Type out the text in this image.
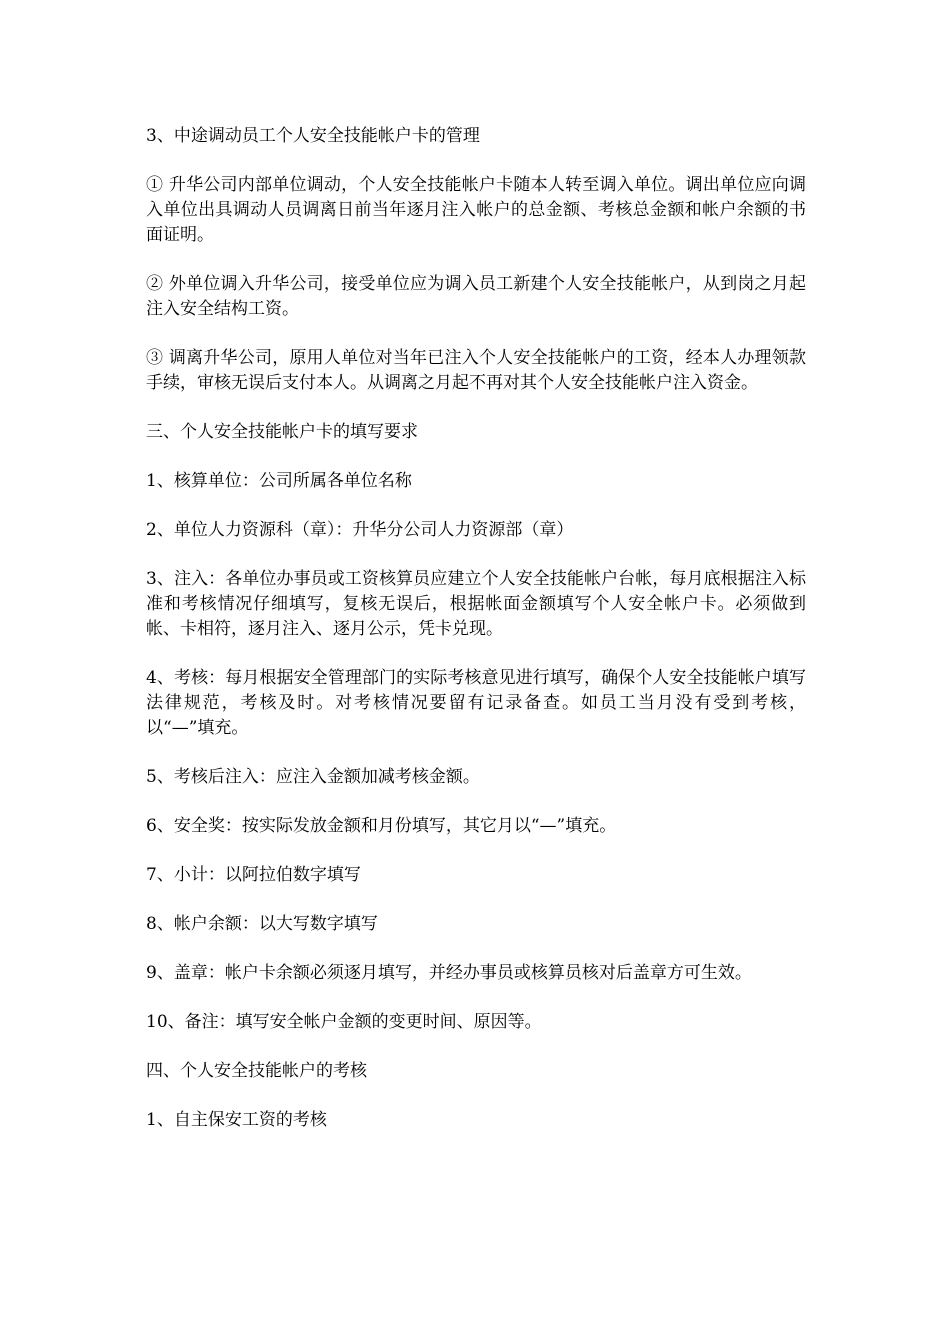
3、中途调动员工个人安全技能帐户卡的管理

① 升华公司内部单位调动，个人安全技能帐户卡随本人转至调入单位。调出单位应向调入单位出具调动人员调离日前当年逐月注入帐户的总金额、考核总金额和帐户余额的书面证明。

② 外单位调入升华公司，接受单位应为调入员工新建个人安全技能帐户，从到岗之月起注入安全结构工资。

③ 调离升华公司，原用人单位对当年已注入个人安全技能帐户的工资，经本人办理领款手续，审核无误后支付本人。从调离之月起不再对其个人安全技能帐户注入资金。

三、个人安全技能帐户卡的填写要求

1、核算单位：公司所属各单位名称

2、单位人力资源科（章）：升华分公司人力资源部（章）

3、注入：各单位办事员或工资核算员应建立个人安全技能帐户台帐，每月底根据注入标准和考核情况仔细填写，复核无误后，根据帐面金额填写个人安全帐户卡。必须做到帐、卡相符，逐月注入、逐月公示，凭卡兑现。

4、考核：每月根据安全管理部门的实际考核意见进行填写，确保个人安全技能帐户填写法律规范，考核及时。对考核情况要留有记录备查。如员工当月没有受到考核，以“—”填充。

5、考核后注入：应注入金额加减考核金额。

6、安全奖：按实际发放金额和月份填写，其它月以“—”填充。

7、小计：以阿拉伯数字填写

8、帐户余额：以大写数字填写

9、盖章：帐户卡余额必须逐月填写，并经办事员或核算员核对后盖章方可生效。

10、备注：填写安全帐户金额的变更时间、原因等。

四、个人安全技能帐户的考核

1、自主保安工资的考核
